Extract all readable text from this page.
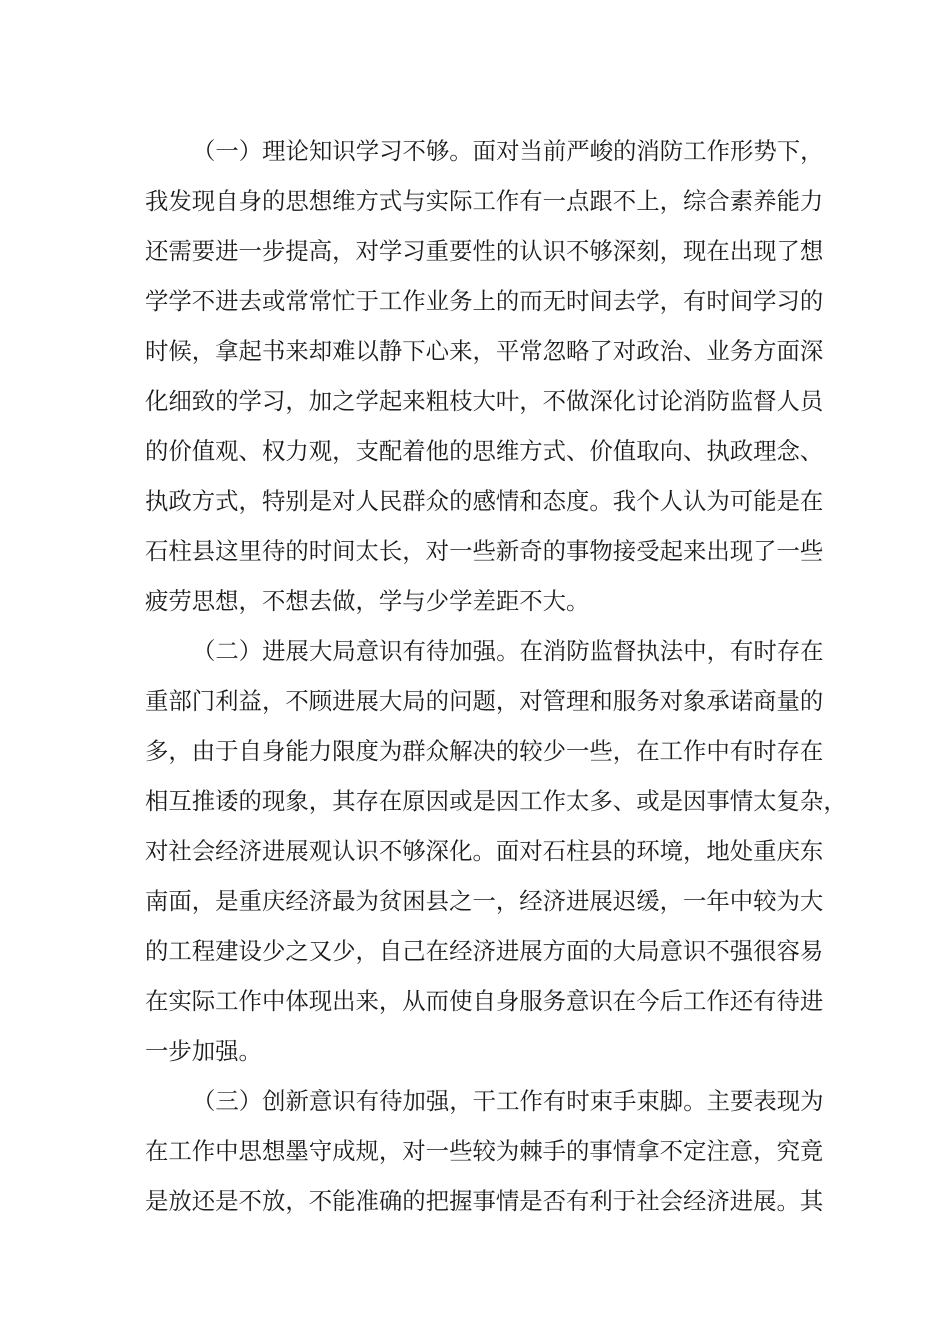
（一）理论知识学习不够。面对当前严峻的消防工作形势下，
我发现自身的思想维方式与实际工作有一点跟不上，综合素养能力
还需要进一步提高，对学习重要性的认识不够深刻，现在出现了想
学学不进去或常常忙于工作业务上的而无时间去学，有时间学习的
时候，拿起书来却难以静下心来，平常忽略了对政治、业务方面深
化细致的学习，加之学起来粗枝大叶，不做深化讨论消防监督人员
的价值观、权力观，支配着他的思维方式、价值取向、执政理念、
执政方式，特别是对人民群众的感情和态度。我个人认为可能是在
石柱县这里待的时间太长，对一些新奇的事物接受起来出现了一些
疲劳思想，不想去做，学与少学差距不大。
（二）进展大局意识有待加强。在消防监督执法中，有时存在
重部门利益，不顾进展大局的问题，对管理和服务对象承诺商量的
多，由于自身能力限度为群众解决的较少一些，在工作中有时存在
相互推诿的现象，其存在原因或是因工作太多、或是因事情太复杂，
对社会经济进展观认识不够深化。面对石柱县的环境，地处重庆东
南面，是重庆经济最为贫困县之一，经济进展迟缓，一年中较为大
的工程建设少之又少，自己在经济进展方面的大局意识不强很容易
在实际工作中体现出来，从而使自身服务意识在今后工作还有待进
一步加强。
（三）创新意识有待加强，干工作有时束手束脚。主要表现为
在工作中思想墨守成规，对一些较为棘手的事情拿不定注意，究竟
是放还是不放，不能准确的把握事情是否有利于社会经济进展。其
